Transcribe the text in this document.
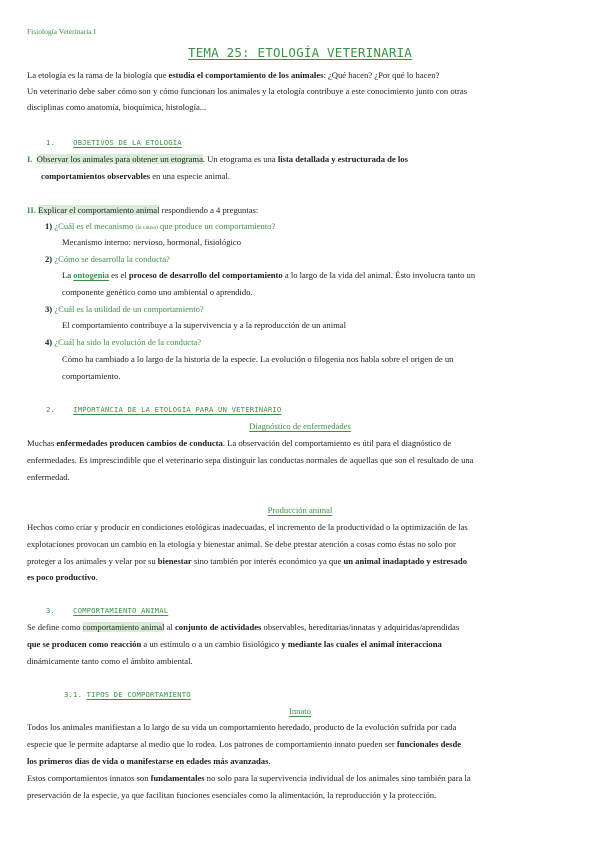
Fisiología Veterinaria I
TEMA 25: ETOLOGÍA VETERINARIA
La etología es la rama de la biología que estudia el comportamiento de los animales: ¿Qué hacen? ¿Por qué lo hacen?
Un veterinario debe saber cómo son y cómo funcionan los animales y la etología contribuye a este conocimiento junto con otras
disciplinas como anatomía, bioquímica, histología...
1.	OBJETIVOS DE LA ETOLOGÍA
I. Observar los animales para obtener un etograma. Un etograma es una lista detallada y estructurada de los
comportamientos observables en una especie animal.
II. Explicar el comportamiento animal respondiendo a 4 preguntas:
1) ¿Cuál es el mecanismo (la causa) que produce un comportamiento?
Mecanismo interno: nervioso, hormonal, fisiológico
2) ¿Cómo se desarrolla la conducta?
La ontogenia es el proceso de desarrollo del comportamiento a lo largo de la vida del animal. Ésto involucra tanto un
componente genético como uno ambiental o aprendido.
3) ¿Cuál es la utilidad de un comportamiento?
El comportamiento contribuye a la supervivencia y a la reproducción de un animal
4) ¿Cuál ha sido la evolución de la conducta?
Cómo ha cambiado a lo largo de la historia de la especie. La evolución o filogenia nos habla sobre el origen de un
comportamiento.
2.	IMPORTANCIA DE LA ETOLOGÍA PARA UN VETERINARIO
Diagnóstico de enfermedades
Muchas enfermedades producen cambios de conducta. La observación del comportamiento es útil para el diagnóstico de
enfermedades. Es imprescindible que el veterinario sepa distinguir las conductas normales de aquellas que son el resultado de una
enfermedad.
Producción animal
Hechos como criar y producir en condiciones etológicas inadecuadas, el incremento de la productividad o la optimización de las
explotaciones provocan un cambio en la etología y bienestar animal. Se debe prestar atención a cosas como éstas no solo por
proteger a los animales y velar por su bienestar sino también por interés económico ya que un animal inadaptado y estresado
es poco productivo.
3.	COMPORTAMIENTO ANIMAL
Se define como comportamiento animal al conjunto de actividades observables, hereditarias/innatas y adquiridas/aprendidas
que se producen como reacción a un estímulo o a un cambio fisiológico y mediante las cuales el animal interacciona
dinámicamente tanto como el ámbito ambiental.
3.1. TIPOS DE COMPORTAMIENTO
Innato
Todos los animales manifiestan a lo largo de su vida un comportamiento heredado, producto de la evolución sufrida por cada
especie que le permite adaptarse al medio que lo rodea. Los patrones de comportamiento innato pueden ser funcionales desde
los primeros días de vida o manifestarse en edades más avanzadas.
Estos comportamientos innatos son fundamentales no solo para la supervivencia individual de los animales sino también para la
preservación de la especie, ya que facilitan funciones esenciales como la alimentación, la reproducción y la protección.
